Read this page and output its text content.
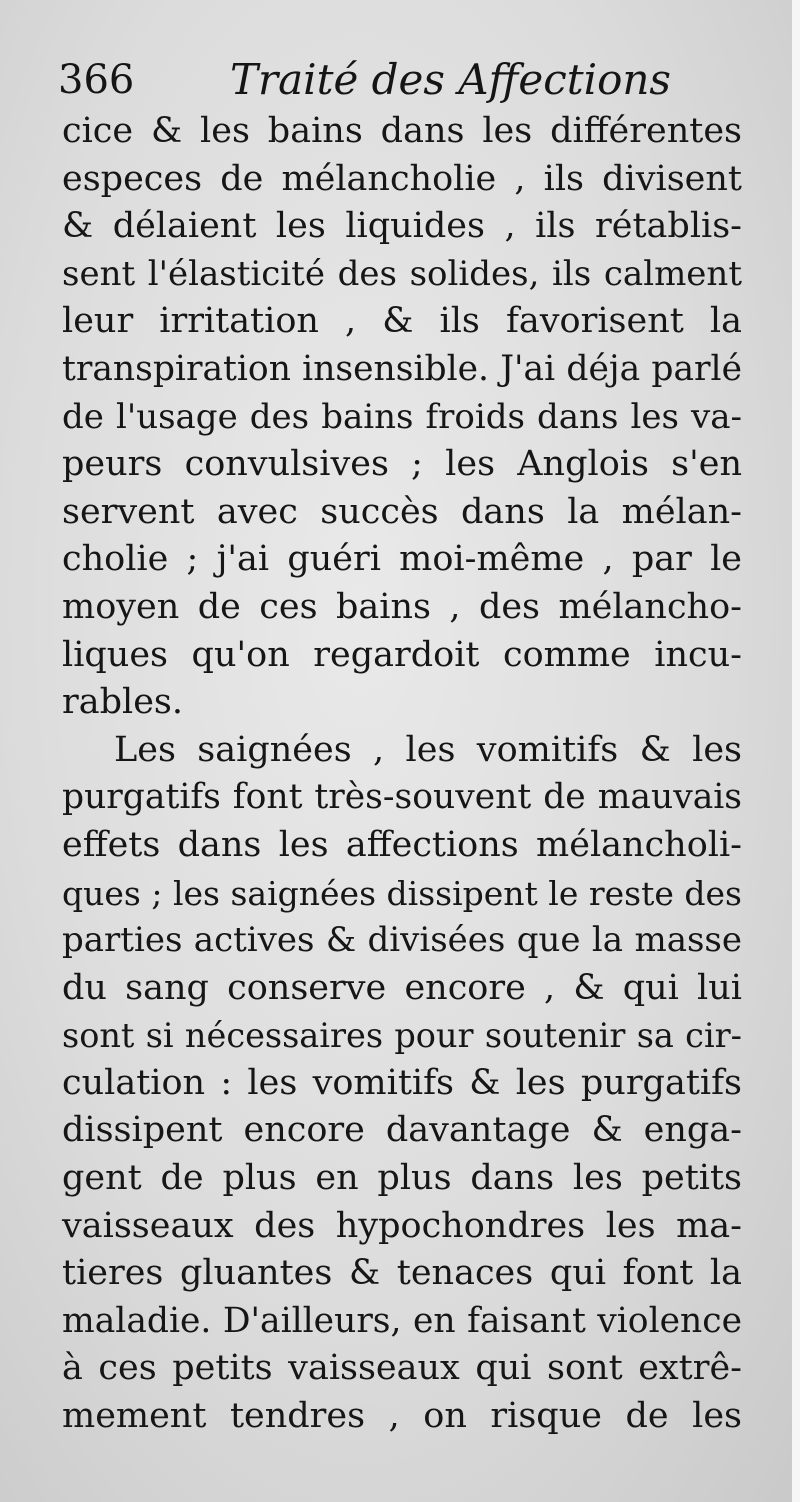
366 Traité des Affections
cice & les bains dans les différentes
especes de mélancholie , ils divisent
& délaient les liquides , ils rétablis-
sent l'élasticité des solides, ils calment
leur irritation , & ils favorisent la
transpiration insensible. J'ai déja parlé
de l'usage des bains froids dans les va-
peurs convulsives ; les Anglois s'en
servent avec succès dans la mélan-
cholie ; j'ai guéri moi-même , par le
moyen de ces bains , des mélancho-
liques qu'on regardoit comme incu-
rables.
Les saignées , les vomitifs & les
purgatifs font très-souvent de mauvais
effets dans les affections mélancholi-
ques ; les saignées dissipent le reste des
parties actives & divisées que la masse
du sang conserve encore , & qui lui
sont si nécessaires pour soutenir sa cir-
culation : les vomitifs & les purgatifs
dissipent encore davantage & enga-
gent de plus en plus dans les petits
vaisseaux des hypochondres les ma-
tieres gluantes & tenaces qui font la
maladie. D'ailleurs, en faisant violence
à ces petits vaisseaux qui sont extrê-
mement tendres , on risque de les
